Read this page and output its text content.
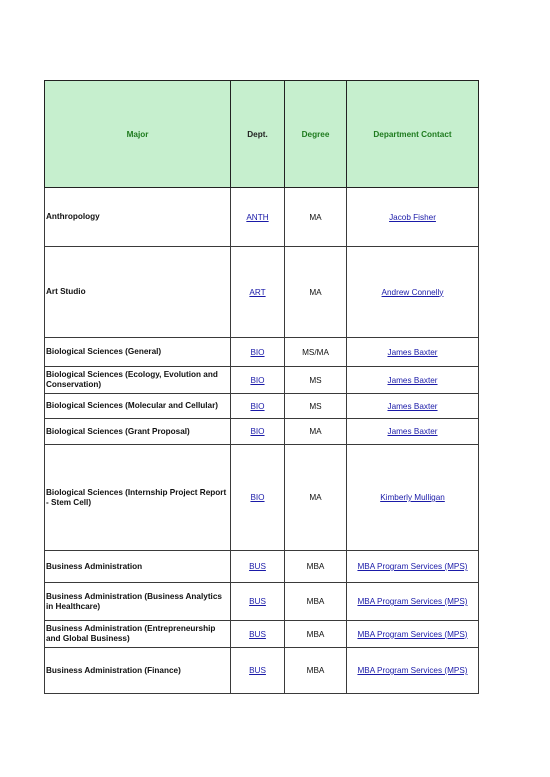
Major	Dept.	Degree	Department Contact
Anthropology	ANTH	MA	Jacob Fisher
Art Studio	ART	MA	Andrew Connelly
Biological Sciences (General)	BIO	MS/MA	James Baxter
Biological Sciences (Ecology, Evolution and Conservation)	BIO	MS	James Baxter
Biological Sciences (Molecular and Cellular)	BIO	MS	James Baxter
Biological Sciences (Grant Proposal)	BIO	MA	James Baxter
Biological Sciences (Internship Project Report - Stem Cell)	BIO	MA	Kimberly Mulligan
Business Administration	BUS	MBA	MBA Program Services (MPS)
Business Administration (Business Analytics in Healthcare)	BUS	MBA	MBA Program Services (MPS)
Business Administration (Entrepreneurship and Global Business)	BUS	MBA	MBA Program Services (MPS)
Business Administration (Finance)	BUS	MBA	MBA Program Services (MPS)
